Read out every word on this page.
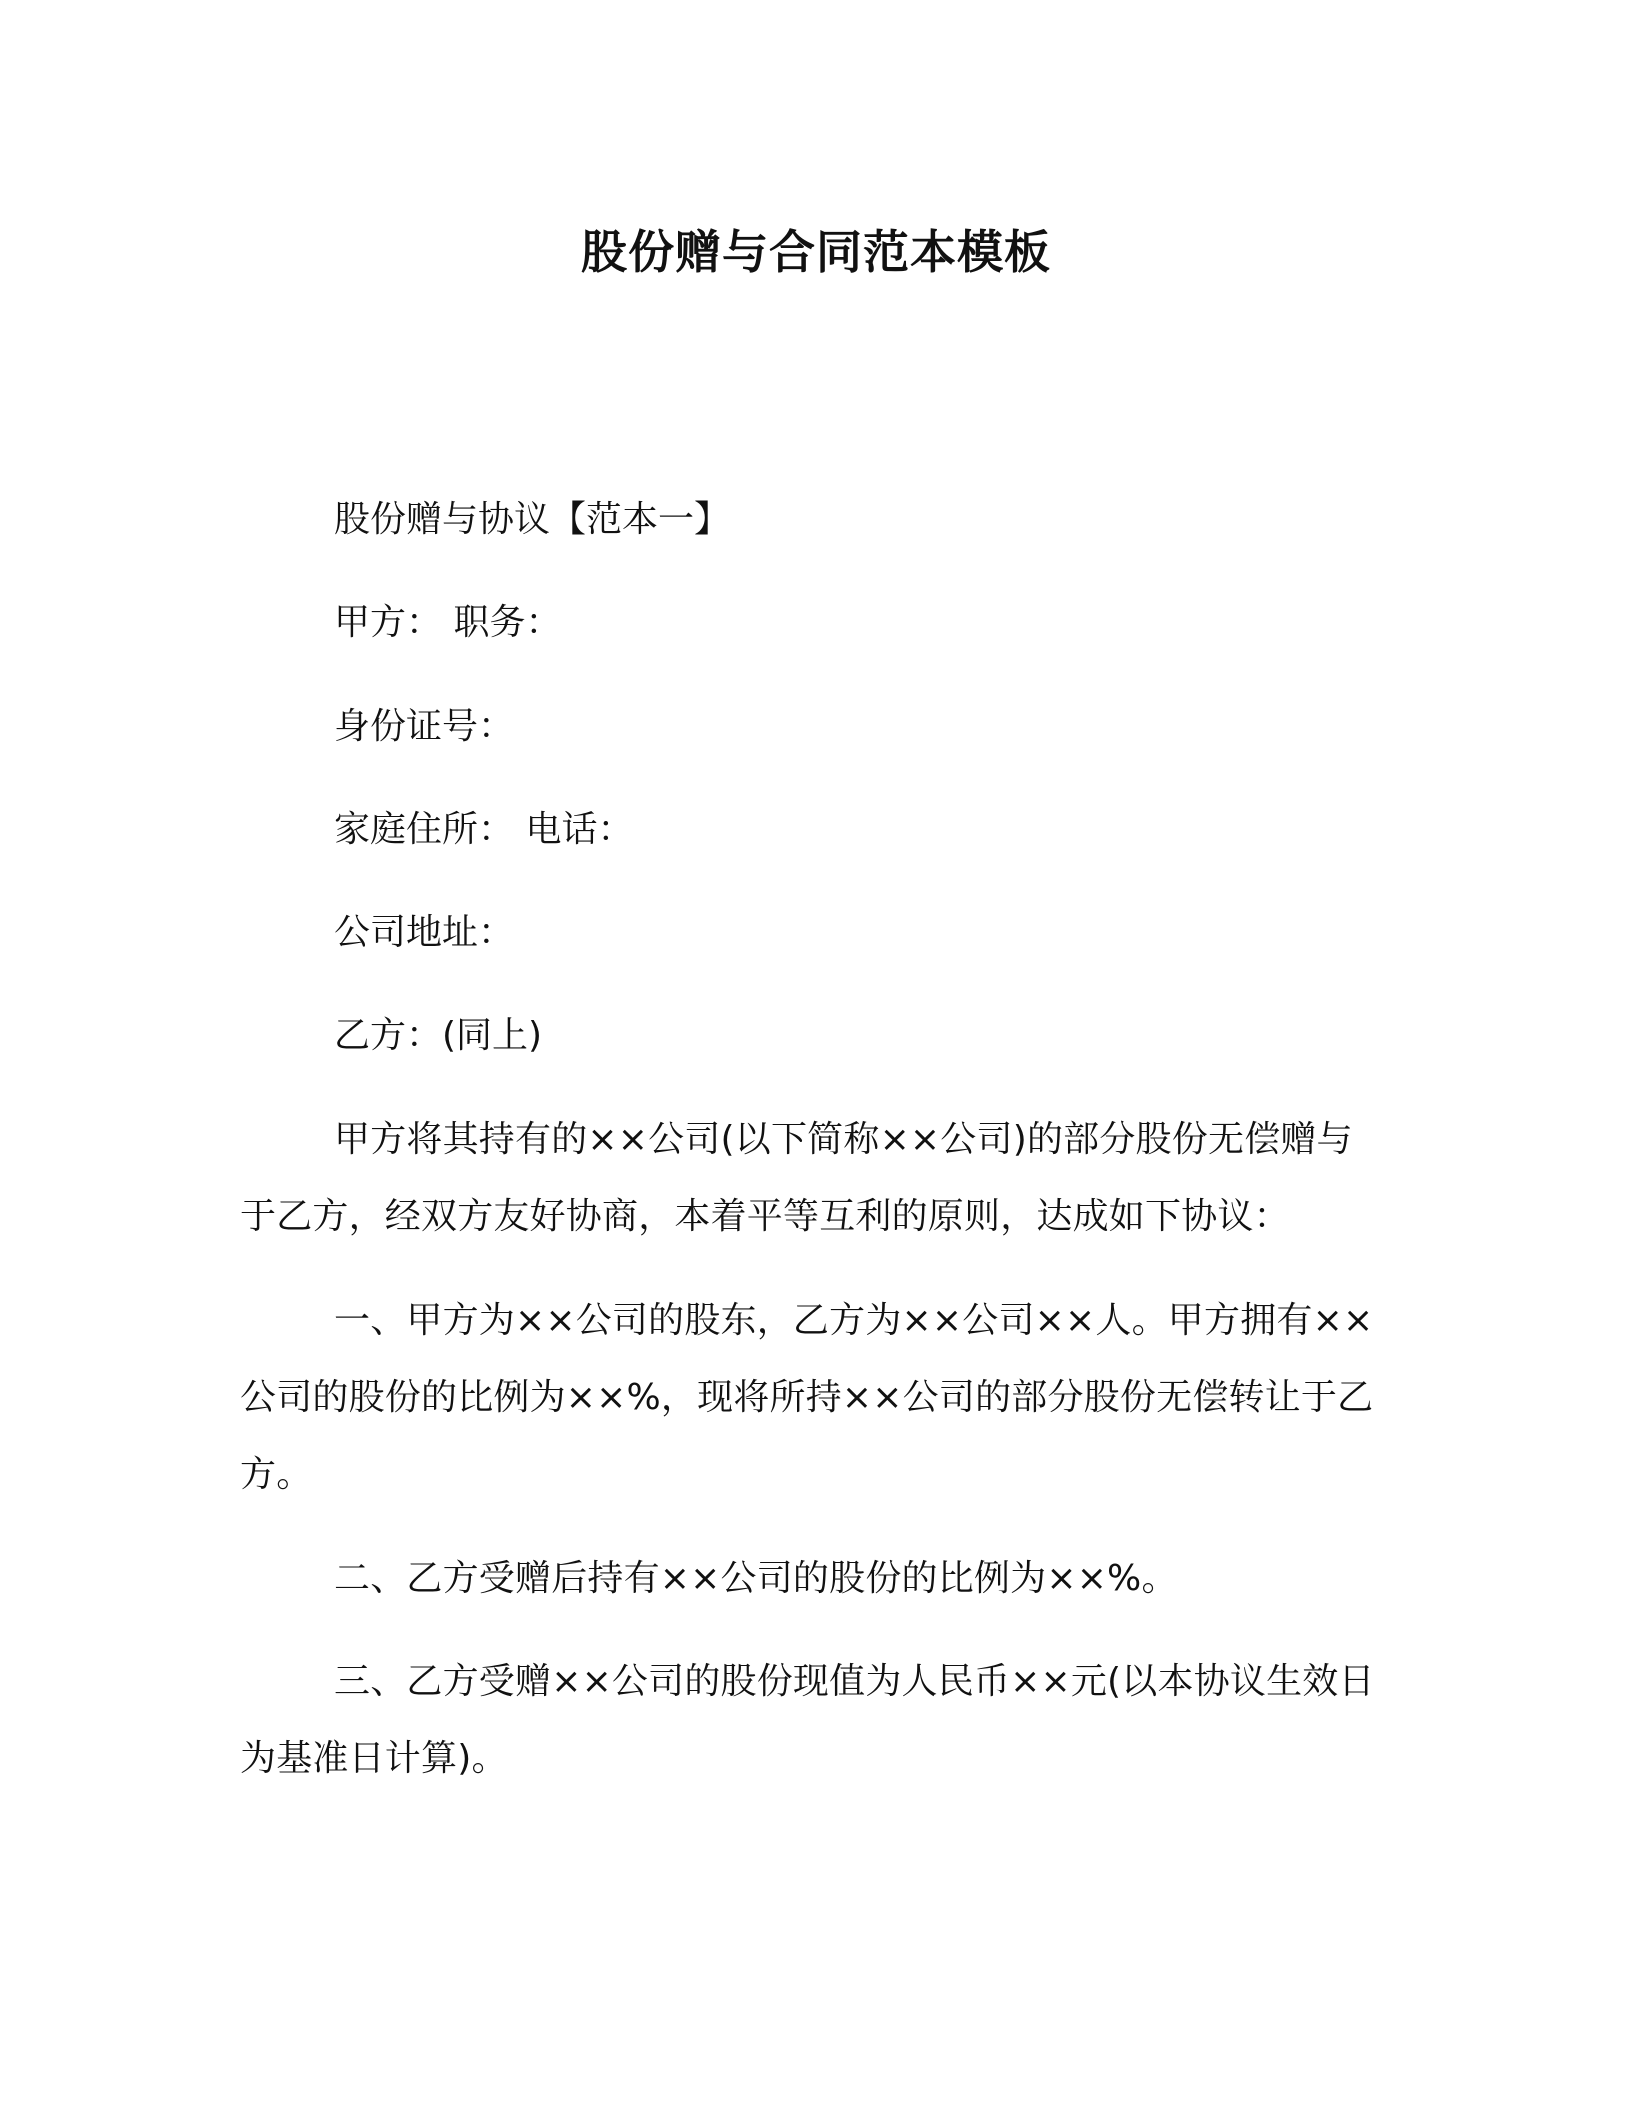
股份赠与合同范本模板

股份赠与协议【范本一】

甲方： 职务：

身份证号：

家庭住所： 电话：

公司地址：

乙方：(同上)

甲方将其持有的××公司(以下简称××公司)的部分股份无偿赠与于乙方，经双方友好协商，本着平等互利的原则，达成如下协议：

一、甲方为××公司的股东，乙方为××公司××人。甲方拥有××公司的股份的比例为××%，现将所持××公司的部分股份无偿转让于乙方。

二、乙方受赠后持有××公司的股份的比例为××%。

三、乙方受赠××公司的股份现值为人民币××元(以本协议生效日为基准日计算)。
